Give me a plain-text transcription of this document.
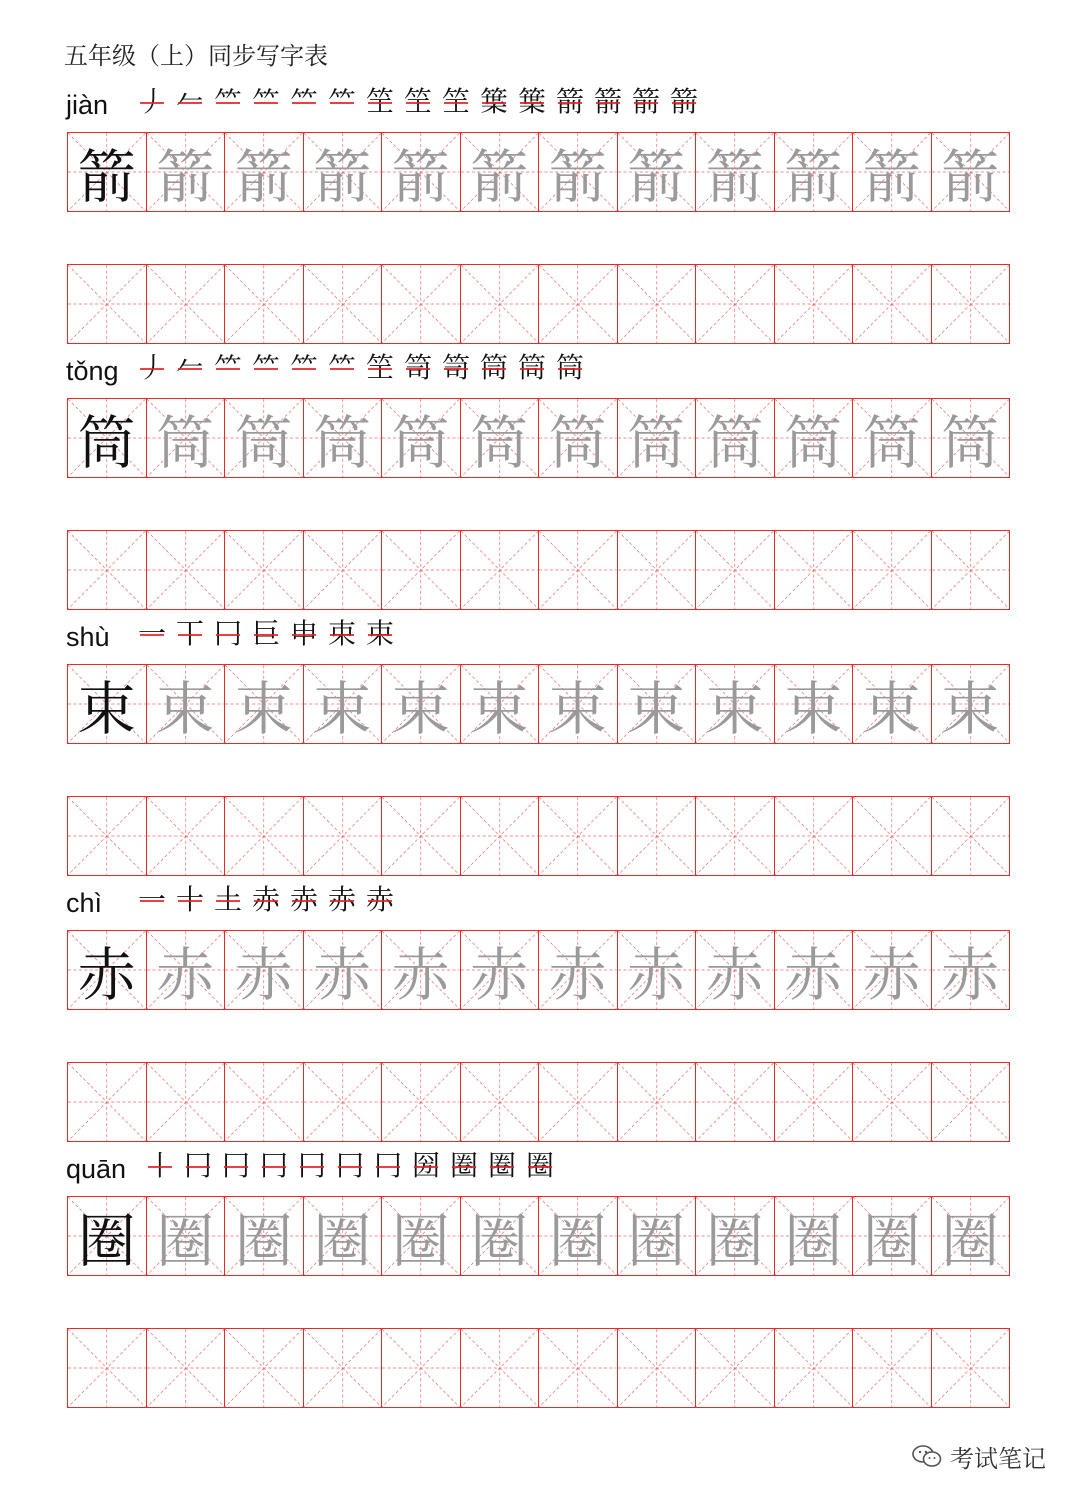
五年级（上）同步写字表
jiàn 丿 𠂉 ⺮ ⺮ ⺮ ⺮ 笁 笁 笁 䈎 䈎 箭 箭 箭 箭
箭 箭 箭 箭 箭 箭 箭 箭 箭 箭 箭 箭
tǒng 丿 𠂉 ⺮ ⺮ ⺮ ⺮ 笁 笥 笥 筒 筒 筒
筒 筒 筒 筒 筒 筒 筒 筒 筒 筒 筒 筒
shù 一 丅 冂 巨 申 束 束
束 束 束 束 束 束 束 束 束 束 束 束
chì 一 十 土 赤 赤 赤 赤
赤 赤 赤 赤 赤 赤 赤 赤 赤 赤 赤 赤
quān 丨 冂 冂 冂 冂 冂 冂 圀 圈 圈 圈
圈 圈 圈 圈 圈 圈 圈 圈 圈 圈 圈 圈
考试笔记
